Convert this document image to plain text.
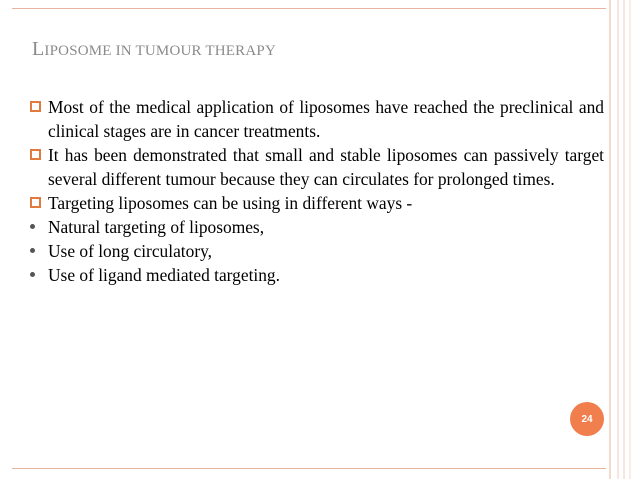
LIPOSOME IN TUMOUR THERAPY
Most of the medical application of liposomes have reached the preclinical and clinical stages are in cancer treatments.
It has been demonstrated that small and stable liposomes can passively target several different tumour because they can circulates for prolonged times.
Targeting liposomes can be using in different ways -
Natural targeting of liposomes,
Use of long circulatory,
Use of ligand mediated targeting.
24
